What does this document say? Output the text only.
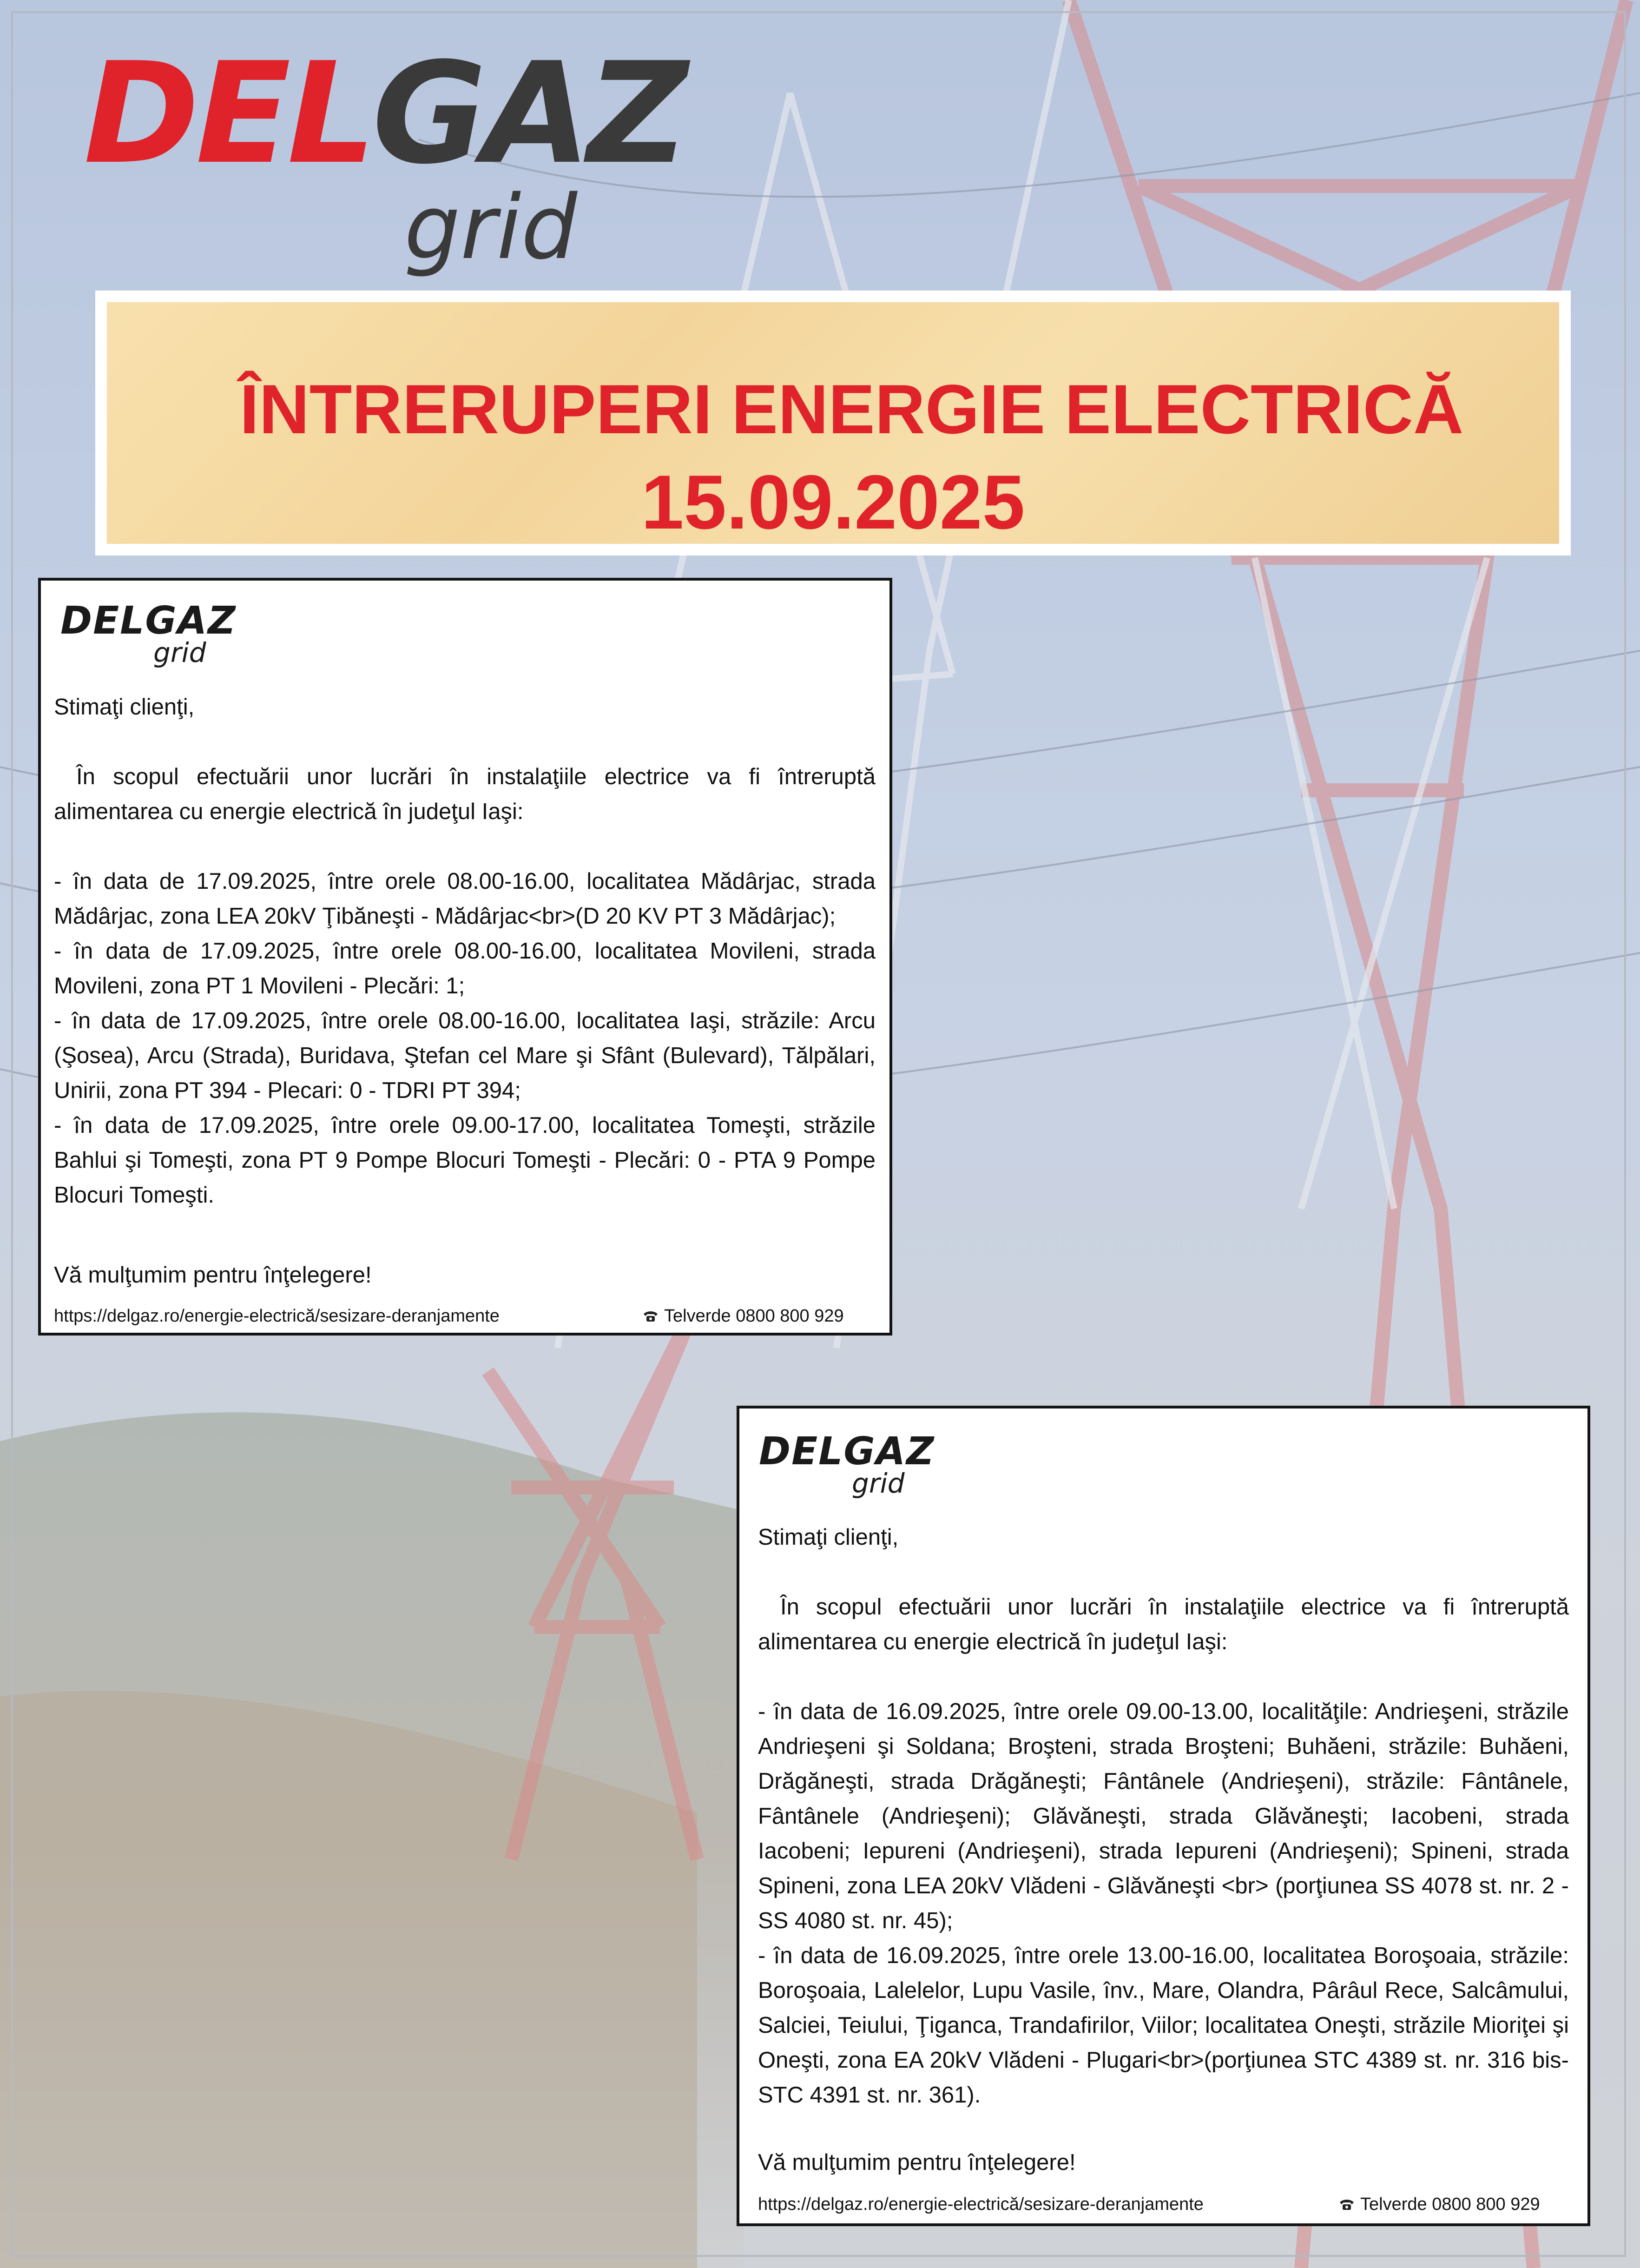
DELGAZ
grid
ÎNTRERUPERI ENERGIE ELECTRICĂ
15.09.2025
DELGAZ
grid

Stimaţi clienţi,

În scopul efectuării unor lucrări în instalaţiile electrice va fi întreruptă alimentarea cu energie electrică în judeţul Iaşi:

- în data de 17.09.2025, între orele 08.00-16.00, localitatea Mădârjac, strada Mădârjac, zona LEA 20kV Ţibăneşti - Mădârjac<br>(D 20 KV PT 3 Mădârjac);

- în data de 17.09.2025, între orele 08.00-16.00, localitatea Movileni, strada Movileni, zona PT 1 Movileni - Plecări: 1;

- în data de 17.09.2025, între orele 08.00-16.00, localitatea Iaşi, străzile: Arcu (Şosea), Arcu (Strada), Buridava, Ştefan cel Mare şi Sfânt (Bulevard), Tălpălari, Unirii, zona PT 394 - Plecari: 0 - TDRI PT 394;

- în data de 17.09.2025, între orele 09.00-17.00, localitatea Tomeşti, străzile Bahlui şi Tomeşti, zona PT 9 Pompe Blocuri Tomeşti - Plecări: 0 - PTA 9 Pompe Blocuri Tomeşti.

Vă mulţumim pentru înţelegere!

https://delgaz.ro/energie-electrică/sesizare-deranjamente	Telverde 0800 800 929
DELGAZ
grid

Stimaţi clienţi,

În scopul efectuării unor lucrări în instalaţiile electrice va fi întreruptă alimentarea cu energie electrică în judeţul Iaşi:

- în data de 16.09.2025, între orele 09.00-13.00, localităţile: Andrieşeni, străzile Andrieşeni şi Soldana; Broşteni, strada Broşteni; Buhăeni, străzile: Buhăeni, Drăgăneşti, strada Drăgăneşti; Fântânele (Andrieşeni), străzile: Fântânele, Fântânele (Andrieşeni); Glăvăneşti, strada Glăvăneşti; Iacobeni, strada Iacobeni; Iepureni (Andrieşeni), strada Iepureni (Andrieşeni); Spineni, strada Spineni, zona LEA 20kV Vlădeni - Glăvăneşti <br> (porţiunea SS 4078 st. nr. 2 - SS 4080 st. nr. 45);

- în data de 16.09.2025, între orele 13.00-16.00, localitatea Boroşoaia, străzile: Boroşoaia, Lalelelor, Lupu Vasile, înv., Mare, Olandra, Pârâul Rece, Salcâmului, Salciei, Teiului, Ţiganca, Trandafirilor, Viilor; localitatea Oneşti, străzile Mioriţei şi Oneşti, zona EA 20kV Vlădeni - Plugari<br>(porţiunea STC 4389 st. nr. 316 bis-STC 4391 st. nr. 361).

Vă mulţumim pentru înţelegere!

https://delgaz.ro/energie-electrică/sesizare-deranjamente	Telverde 0800 800 929
